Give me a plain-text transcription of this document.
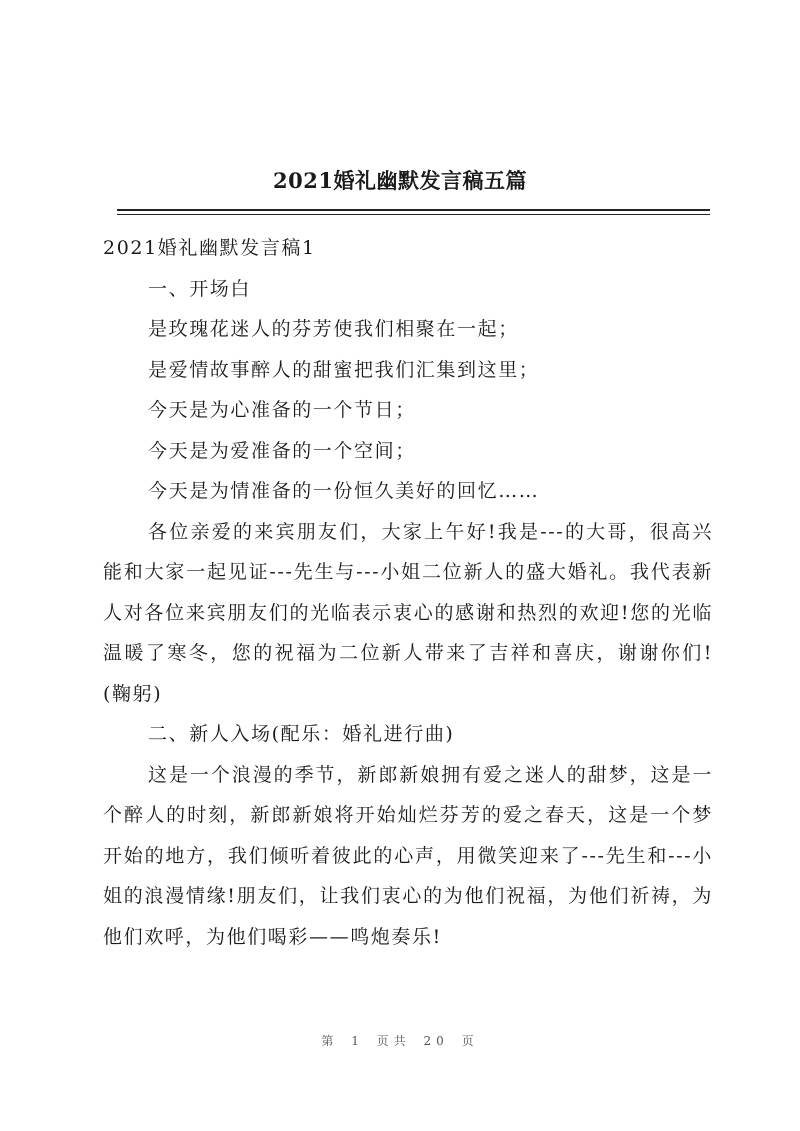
2021婚礼幽默发言稿五篇

2021婚礼幽默发言稿1

一、开场白

是玫瑰花迷人的芬芳使我们相聚在一起；

是爱情故事醉人的甜蜜把我们汇集到这里；

今天是为心准备的一个节日；

今天是为爱准备的一个空间；

今天是为情准备的一份恒久美好的回忆……

各位亲爱的来宾朋友们，大家上午好!我是---的大哥，很高兴能和大家一起见证---先生与---小姐二位新人的盛大婚礼。我代表新人对各位来宾朋友们的光临表示衷心的感谢和热烈的欢迎!您的光临温暖了寒冬，您的祝福为二位新人带来了吉祥和喜庆，谢谢你们!(鞠躬)

二、新人入场(配乐：婚礼进行曲)

这是一个浪漫的季节，新郎新娘拥有爱之迷人的甜梦，这是一个醉人的时刻，新郎新娘将开始灿烂芬芳的爱之春天，这是一个梦开始的地方，我们倾听着彼此的心声，用微笑迎来了---先生和---小姐的浪漫情缘!朋友们，让我们衷心的为他们祝福，为他们祈祷，为他们欢呼，为他们喝彩——鸣炮奏乐!

第 1 页共 20 页
